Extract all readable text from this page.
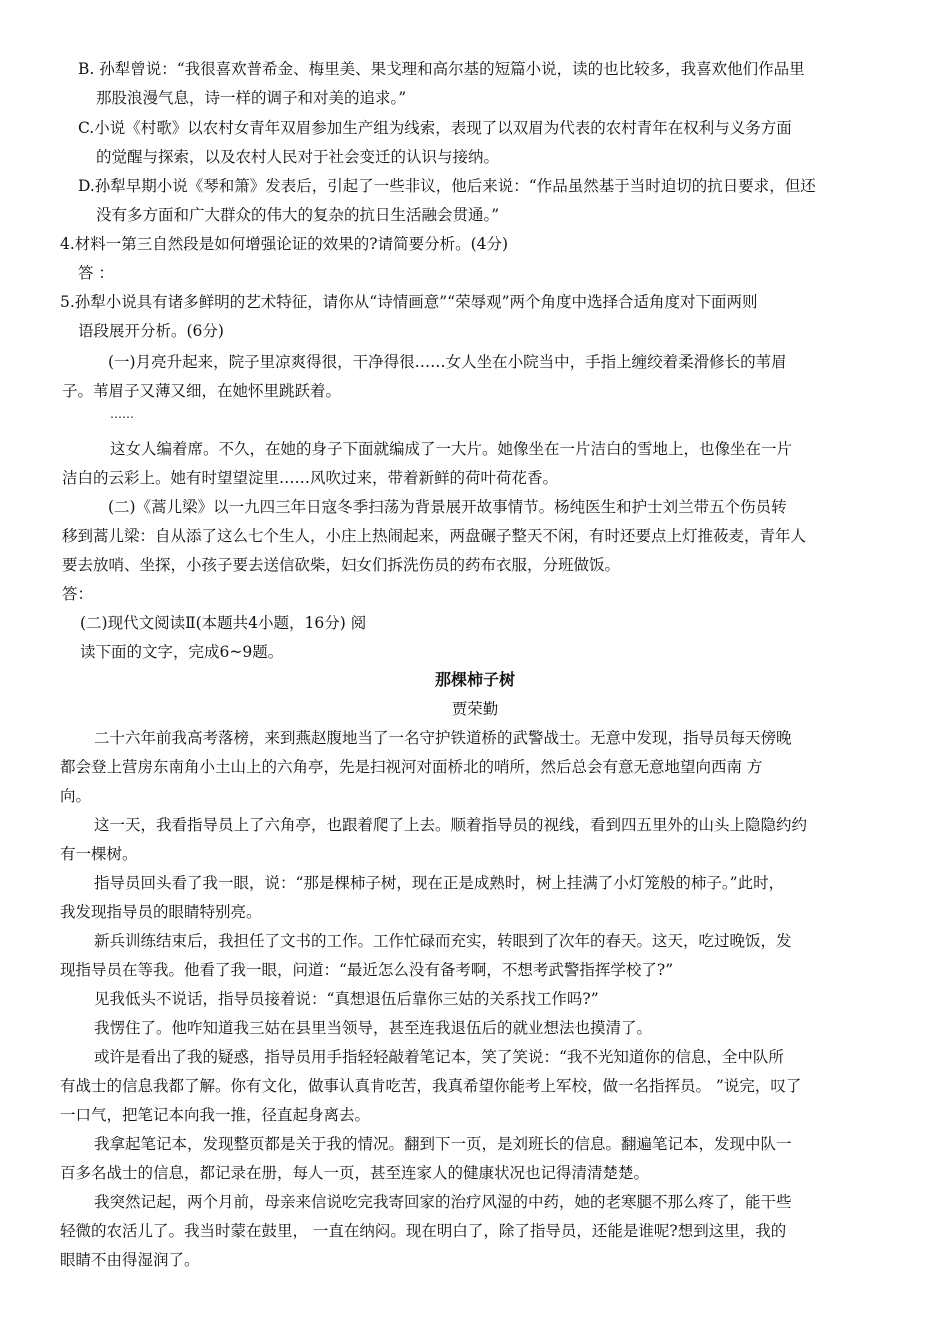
B. 孙犁曾说：“我很喜欢普希金、梅里美、果戈理和高尔基的短篇小说，读的也比较多，我喜欢他们作品里
那股浪漫气息，诗一样的调子和对美的追求。”
C.小说《村歌》以农村女青年双眉参加生产组为线索，表现了以双眉为代表的农村青年在权利与义务方面
的觉醒与探索，以及农村人民对于社会变迁的认识与接纳。
D.孙犁早期小说《琴和箫》发表后，引起了一些非议，他后来说：“作品虽然基于当时迫切的抗日要求，但还
没有多方面和广大群众的伟大的复杂的抗日生活融会贯通。”
4.材料一第三自然段是如何增强论证的效果的?请简要分析。(4分)
答 ：
5.孙犁小说具有诸多鲜明的艺术特征，请你从“诗情画意”“荣辱观”两个角度中选择合适角度对下面两则
语段展开分析。(6分)
(一)月亮升起来，院子里凉爽得很，干净得很……女人坐在小院当中，手指上缠绞着柔滑修长的苇眉
子。苇眉子又薄又细，在她怀里跳跃着。
……
这女人编着席。不久，在她的身子下面就编成了一大片。她像坐在一片洁白的雪地上，也像坐在一片
洁白的云彩上。她有时望望淀里……风吹过来，带着新鲜的荷叶荷花香。
(二)《蒿儿梁》以一九四三年日寇冬季扫荡为背景展开故事情节。杨纯医生和护士刘兰带五个伤员转
移到蒿儿梁：自从添了这么七个生人，小庄上热闹起来，两盘碾子整天不闲，有时还要点上灯推莜麦，青年人
要去放哨、坐探，小孩子要去送信砍柴，妇女们拆洗伤员的药布衣服，分班做饭。
答：
(二)现代文阅读Ⅱ(本题共4小题，16分) 阅
读下面的文字，完成6~9题。
那棵柿子树
贾荣勤
二十六年前我高考落榜，来到燕赵腹地当了一名守护铁道桥的武警战士。无意中发现，指导员每天傍晚
都会登上营房东南角小土山上的六角亭，先是扫视河对面桥北的哨所，然后总会有意无意地望向西南 方
向。
这一天，我看指导员上了六角亭，也跟着爬了上去。顺着指导员的视线，看到四五里外的山头上隐隐约约
有一棵树。
指导员回头看了我一眼，说：“那是棵柿子树，现在正是成熟时，树上挂满了小灯笼般的柿子。”此时，
我发现指导员的眼睛特别亮。
新兵训练结束后，我担任了文书的工作。工作忙碌而充实，转眼到了次年的春天。这天，吃过晚饭，发
现指导员在等我。他看了我一眼，问道：“最近怎么没有备考啊，不想考武警指挥学校了?”
见我低头不说话，指导员接着说：“真想退伍后靠你三姑的关系找工作吗?”
我愣住了。他咋知道我三姑在县里当领导，甚至连我退伍后的就业想法也摸清了。
或许是看出了我的疑惑，指导员用手指轻轻敲着笔记本，笑了笑说：“我不光知道你的信息，全中队所
有战士的信息我都了解。你有文化，做事认真肯吃苦，我真希望你能考上军校，做一名指挥员。 ”说完，叹了
一口气，把笔记本向我一推，径直起身离去。
我拿起笔记本，发现整页都是关于我的情况。翻到下一页，是刘班长的信息。翻遍笔记本，发现中队一
百多名战士的信息，都记录在册，每人一页，甚至连家人的健康状况也记得清清楚楚。
我突然记起，两个月前，母亲来信说吃完我寄回家的治疗风湿的中药，她的老寒腿不那么疼了，能干些
轻微的农活儿了。我当时蒙在鼓里， 一直在纳闷。现在明白了，除了指导员，还能是谁呢?想到这里，我的
眼睛不由得湿润了。
